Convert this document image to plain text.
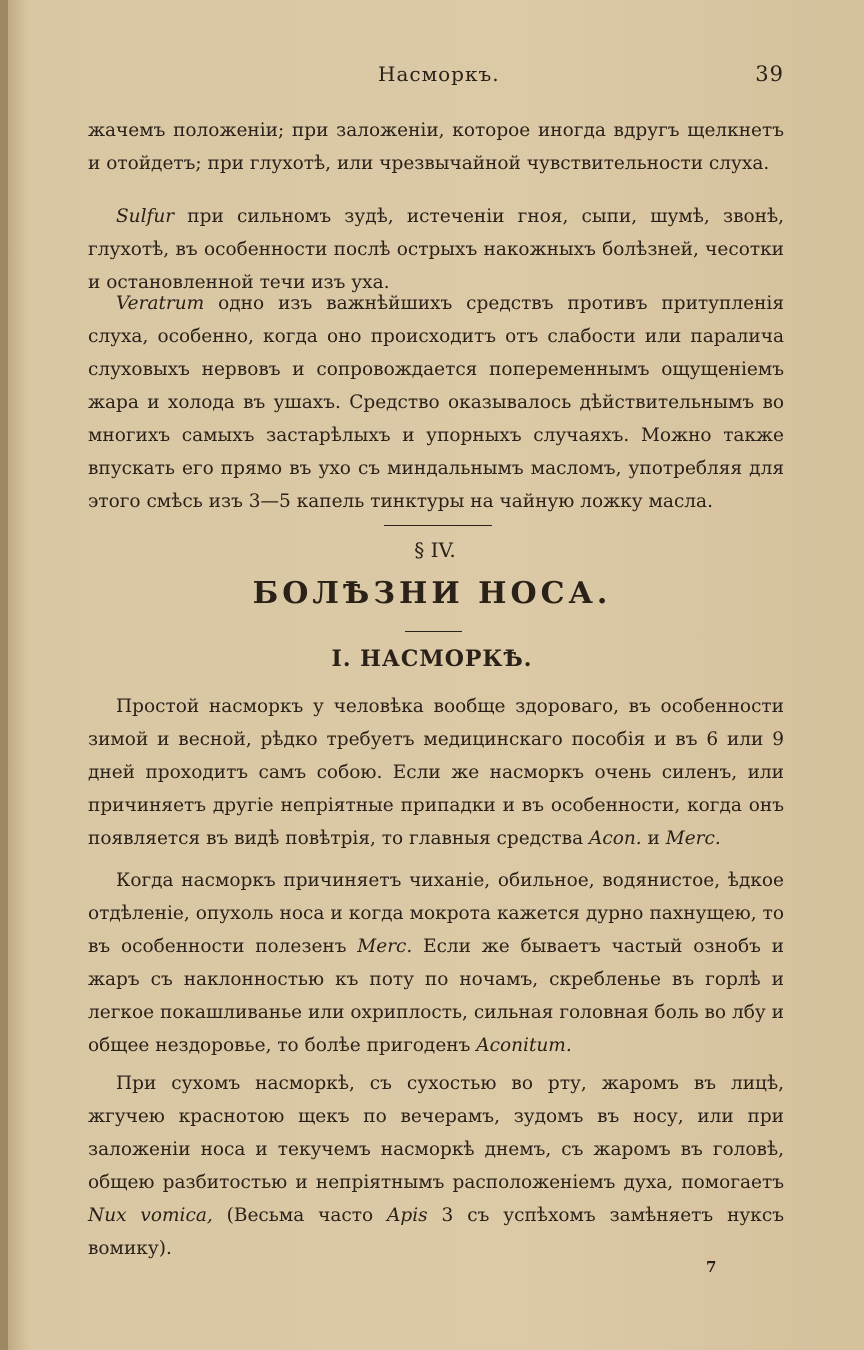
Насморкъ.	39

жачемъ положенiи; при заложенiи, которое иногда вдругъ щелкнетъ и отойдетъ; при глухотѣ, или чрезвычайной чувствительности слуха.

Sulfur при сильномъ зудѣ, истеченiи гноя, сыпи, шумѣ, звонѣ, глухотѣ, въ особенности послѣ острыхъ накожныхъ болѣзней, чесотки и остановленной течи изъ уха.

Veratrum одно изъ важнѣйшихъ средствъ противъ притупленiя слуха, особенно, когда оно происходитъ отъ слабости или паралича слуховыхъ нервовъ и сопровождается попеременнымъ ощущенiемъ жара и холода въ ушахъ. Средство оказывалось дѣйствительнымъ во многихъ самыхъ застарѣлыхъ и упорныхъ случаяхъ. Можно также впускать его прямо въ ухо съ миндальнымъ масломъ, употребляя для этого смѣсь изъ 3—5 капель тинктуры на чайную ложку масла.

§ IV.
БОЛѢЗНИ НОСА.
I. НАСМОРКѢ.

Простой насморкъ у человѣка вообще здороваго, въ особенности зимой и весной, рѣдко требуетъ медицинскаго пособiя и въ 6 или 9 дней проходитъ самъ собою. Если же насморкъ очень силенъ, или причиняетъ другiе непрiятные припадки и въ особенности, когда онъ появляется въ видѣ повѣтрiя, то главныя средства Acon. и Merc.

Когда насморкъ причиняетъ чиханiе, обильное, водянистое, ѣдкое отдѣленiе, опухоль носа и когда мокрота кажется дурно пахнущею, то въ особенности полезенъ Merc. Если же бываетъ частый ознобъ и жаръ съ наклонностью къ поту по ночамъ, скребленье въ горлѣ и легкое покашливанье или охриплость, сильная головная боль во лбу и общее нездоровье, то болѣе пригоденъ Aconitum.

При сухомъ насморкѣ, съ сухостью во рту, жаромъ въ лицѣ, жгучею краснотою щекъ по вечерамъ, зудомъ въ носу, или при заложенiи носа и текучемъ насморкѣ днемъ, съ жаромъ въ головѣ, общею разбитостью и непрiятнымъ расположенiемъ духа, помогаетъ Nux vomica, (Весьма часто Apis 3 съ успѣхомъ замѣняетъ нуксъ вомику).

7
